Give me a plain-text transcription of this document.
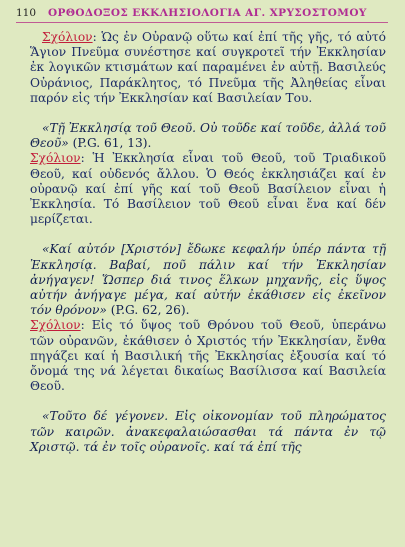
110 ΟΡΘΟΔΟΞΟΣ ΕΚΚΛΗΣΙΟΛΟΓΙΑ ΑΓ. ΧΡΥΣΟΣΤΟΜΟΥ

Σχόλιον: Ὡς ἐν Οὐρανῷ οὕτω καί ἐπί τῆς γῆς, τό αὐτό Ἅγιον Πνεῦμα συνέστησε καί συγκροτεῖ τήν Ἐκκλησίαν ἐκ λογικῶν κτισμάτων καί παραμένει ἐν αὐτῇ. Βασιλεύς Οὐράνιος, Παράκλητος, τό Πνεῦμα τῆς Ἀληθείας εἶναι παρόν εἰς τήν Ἐκκλησίαν καί Βασιλείαν Του.

«Τῇ Ἐκκλησίᾳ τοῦ Θεοῦ. Οὐ τοῦδε καί τοῦδε, ἀλλά τοῦ Θεοῦ» (P.G. 61, 13).

Σχόλιον: Ἡ Ἐκκλησία εἶναι τοῦ Θεοῦ, τοῦ Τριαδικοῦ Θεοῦ, καί οὐδενός ἄλλου. Ὁ Θεός ἐκκλησιάζει καί ἐν οὐρανῷ καί ἐπί γῆς καί τοῦ Θεοῦ Βασίλειον εἶναι ἡ Ἐκκλησία. Τό Βασίλειον τοῦ Θεοῦ εἶναι ἕνα καί δέν μερίζεται.

«Καί αὐτόν [Χριστόν] ἔδωκε κεφαλήν ὑπέρ πάντα τῇ Ἐκκλησίᾳ. Βαβαί, ποῦ πάλιν καί τήν Ἐκκλησίαν ἀνήγαγεν! Ὥσπερ διά τινος ἕλκων μηχανῆς, εἰς ὕψος αὐτήν ἀνήγαγε μέγα, καί αὐτήν ἐκάθισεν εἰς ἐκεῖνον τόν θρόνον» (P.G. 62, 26).

Σχόλιον: Εἰς τό ὕψος τοῦ Θρόνου τοῦ Θεοῦ, ὑπεράνω τῶν οὐρανῶν, ἐκάθισεν ὁ Χριστός τήν Ἐκκλησίαν, ἔνθα πηγάζει καί ἡ Βασιλική τῆς Ἐκκλησίας ἐξουσία καί τό ὄνομά της νά λέγεται δικαίως Βασίλισσα καί Βασιλεία Θεοῦ.

«Τοῦτο δέ γέγονεν. Εἰς οἰκονομίαν τοῦ πληρώματος τῶν καιρῶν. ἀνακεφαλαιώσασθαι τά πάντα ἐν τῷ Χριστῷ. τά ἐν τοῖς οὐρανοῖς. καί τά ἐπί τῆς
